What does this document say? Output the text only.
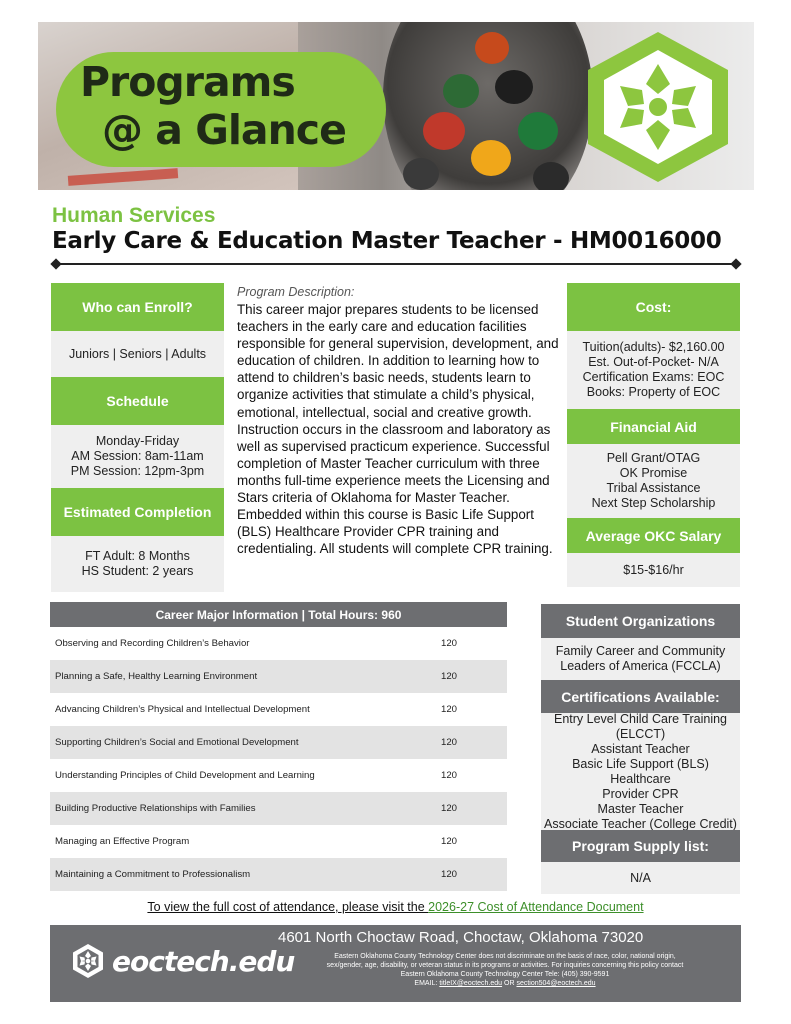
Programs
@ a Glance
Human Services
Early Care & Education Master Teacher - HM0016000
Who can Enroll?
Juniors | Seniors | Adults
Schedule
Monday-Friday
AM Session: 8am-11am
PM Session: 12pm-3pm
Estimated Completion
FT Adult: 8 Months
HS Student: 2 years
Program Description:
This career major prepares students to be licensed teachers in the early care and education facilities responsible for general supervision, development, and education of children. In addition to learning how to attend to children’s basic needs, students learn to organize activities that stimulate a child’s physical, emotional, intellectual, social and creative growth. Instruction occurs in the classroom and laboratory as well as supervised practicum experience. Successful completion of Master Teacher curriculum with three months full-time experience meets the Licensing and Stars criteria of Oklahoma for Master Teacher. Embedded within this course is Basic Life Support (BLS) Healthcare Provider CPR training and credentialing. All students will complete CPR training.
Cost:
Tuition(adults)- $2,160.00
Est. Out-of-Pocket- N/A
Certification Exams: EOC
Books: Property of EOC
Financial Aid
Pell Grant/OTAG
OK Promise
Tribal Assistance
Next Step Scholarship
Average OKC Salary
$15-$16/hr
Student Organizations
Family Career and Community
Leaders of America (FCCLA)
Certifications Available:
Entry Level Child Care Training
(ELCCT)
Assistant Teacher
Basic Life Support (BLS) Healthcare
Provider CPR
Master Teacher
Associate Teacher (College Credit)
Program Supply list:
N/A
Career Major Information | Total Hours: 960
Observing and Recording Children’s Behavior	120
Planning a Safe, Healthy Learning Environment	120
Advancing Children’s Physical and Intellectual Development	120
Supporting Children’s Social and Emotional Development	120
Understanding Principles of Child Development and Learning	120
Building Productive Relationships with Families	120
Managing an Effective Program	120
Maintaining a Commitment to Professionalism	120
To view the full cost of attendance, please visit the 2026-27 Cost of Attendance Document
eoctech.edu
4601 North Choctaw Road, Choctaw, Oklahoma 73020
Eastern Oklahoma County Technology Center does not discriminate on the basis of race, color, national origin,
sex/gender, age, disability, or veteran status in its programs or activities. For inquiries concerning this policy contact
Eastern Oklahoma County Technology Center Tele: (405) 390-9591
EMAIL: titleIX@eoctech.edu OR section504@eoctech.edu
